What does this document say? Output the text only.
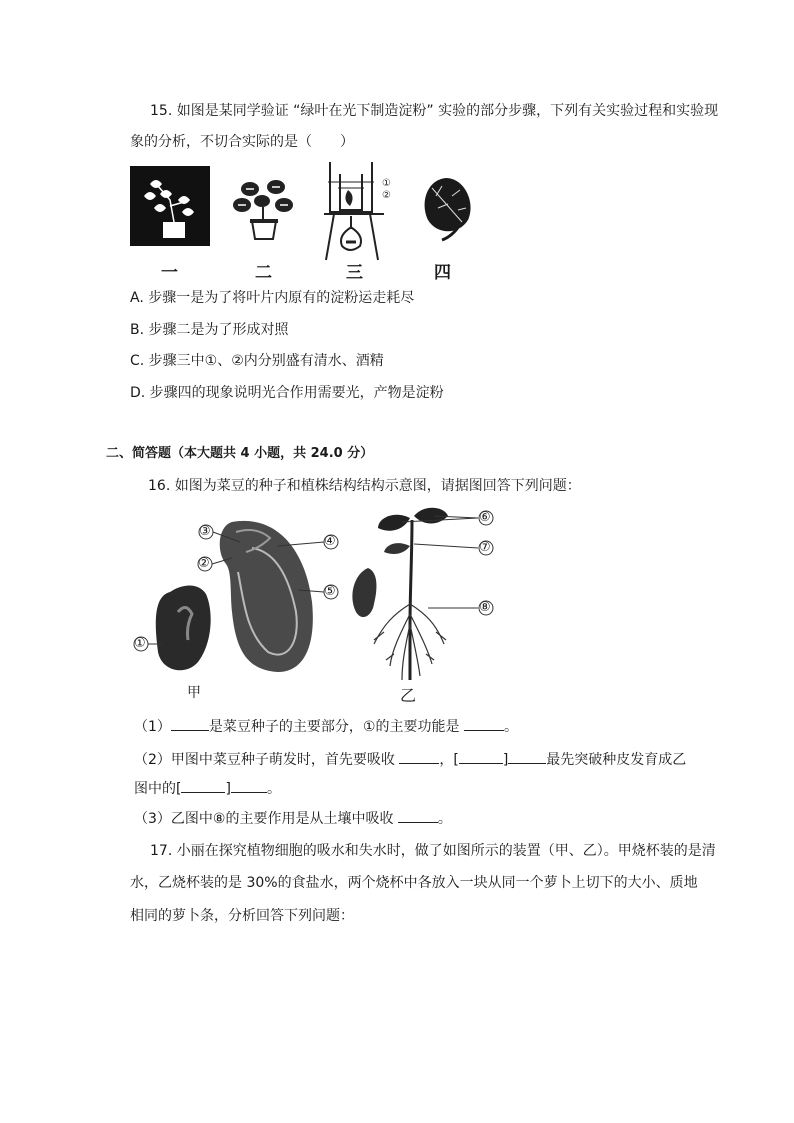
15. 如图是某同学验证 “绿叶在光下制造淀粉” 实验的部分步骤，下列有关实验过程和实验现
象的分析，不切合实际的是（　　）
一	二
①
②
三	四
A. 步骤一是为了将叶片内原有的淀粉运走耗尽
B. 步骤二是为了形成对照
C. 步骤三中①、②内分别盛有清水、酒精
D. 步骤四的现象说明光合作用需要光，产物是淀粉
二、简答题（本大题共 4 小题，共 24.0 分）
16. 如图为菜豆的种子和植株结构结构示意图，请据图回答下列问题：
③
②
④
⑤
①
甲
⑥
⑦
⑧
乙
（1）	是菜豆种子的主要部分，①的主要功能是	。
（2）甲图中菜豆种子萌发时，首先要吸收	，[	]	最先突破种皮发育成乙
图中的[	]	。
（3）乙图中⑧的主要作用是从土壤中吸收	。
17. 小丽在探究植物细胞的吸水和失水时，做了如图所示的装置（甲、乙）。甲烧杯装的是清
水，乙烧杯装的是 30%的食盐水，两个烧杯中各放入一块从同一个萝卜上切下的大小、质地
相同的萝卜条，分析回答下列问题：
